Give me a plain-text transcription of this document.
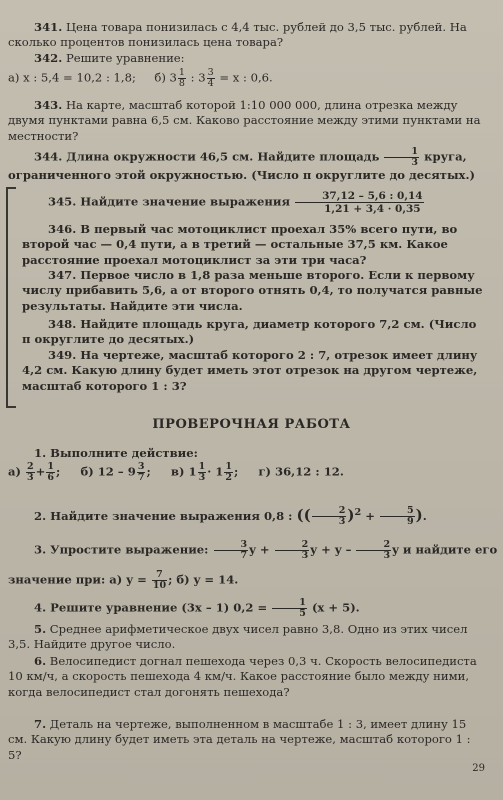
341. Цена товара понизилась с 4,4 тыс. рублей до 3,5 тыс. рублей. На сколько процентов понизилась цена товара?

342. Решите уравнение:

а) x : 5,4 = 10,2 : 1,8; б) $3 \frac{1}{8}$ : $3 \frac{3}{4} = x$ : 0,6.

343. На карте, масштаб которой 1:10 000 000, длина отрезка между двумя пунктами равна 6,5 см. Каково расстояние между этими пунктами на местности?

344. Длина окружности 46,5 см. Найдите площадь $\frac{1}{3}$ круга,

ограниченного этой окружностью. (Число π округлите до десятых.)

345. Найдите значение выражения $\frac{37,12 - 5,6 : 0,14}{1,21 + 3,4 \cdot 0,35}$

346. В первый час мотоциклист проехал 35% всего пути, во второй час — 0,4 пути, а в третий — остальные 37,5 км. Какое расстояние проехал мотоциклист за эти три часа?

347. Первое число в 1,8 раза меньше второго. Если к первому числу прибавить 5,6, а от второго отнять 0,4, то получатся равные результаты. Найдите эти числа.

348. Найдите площадь круга, диаметр которого 7,2 см. (Число π округлите до десятых.)

349. На чертеже, масштаб которого 2 : 7, отрезок имеет длину 4,2 см. Какую длину будет иметь этот отрезок на другом чертеже, масштаб которого 1 : 3?

ПРОВЕРОЧНАЯ РАБОТА

1. Выполните действие:

$а) \frac{2}{3} + \frac{1}{6}$ ; б) $12 - 9 \frac{3}{7}$ ; в) $1 \frac{1}{3} \cdot 1 \frac{1}{2}$ ; г) 36,12 : 12.

2. Найдите значение выражения 0,8 : (( $\frac{2}{3} )^2 + \frac{5}{9}$ ).

3. Упростите выражение: $\frac{3}{7}$ $y + \frac{2}{3}$ $y + y - \frac{2}{3}$ y и найдите его

значение при: а) $y = \frac{7}{10}$ ; б) y = 14.

4. Решите уравнение (3x – 1) $0,2 = \frac{1}{5} (x + 5)$.

5. Среднее арифметическое двух чисел равно 3,8. Одно из этих чисел 3,5. Найдите другое число.

6. Велосипедист догнал пешехода через 0,3 ч. Скорость велосипедиста 10 км/ч, а скорость пешехода 4 км/ч. Какое расстояние было между ними, когда велосипедист стал догонять пешехода?

7. Деталь на чертеже, выполненном в масштабе 1 : 3, имеет длину 15 см. Какую длину будет иметь эта деталь на чертеже, масштаб которого 1 : 5?

29
